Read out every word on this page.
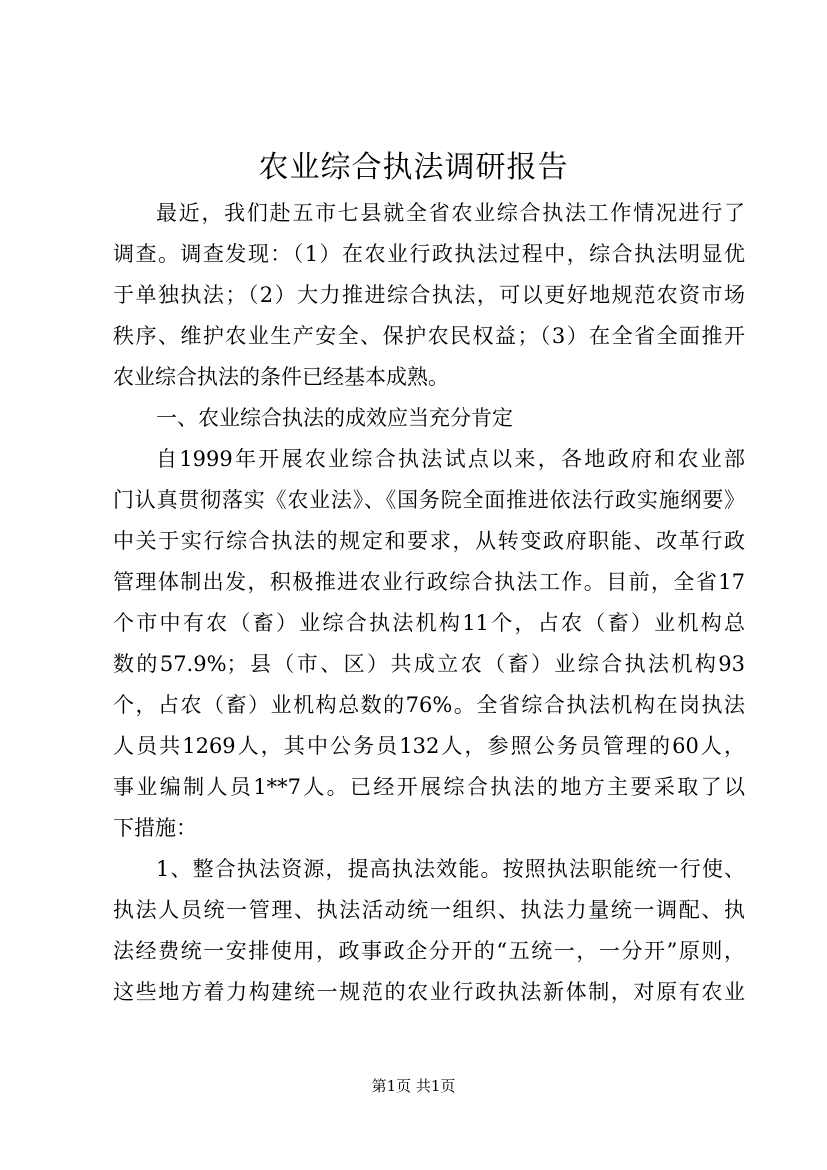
农业综合执法调研报告
最近，我们赴五市七县就全省农业综合执法工作情况进行了
调查。调查发现：（1）在农业行政执法过程中，综合执法明显优
于单独执法；（2）大力推进综合执法，可以更好地规范农资市场
秩序、维护农业生产安全、保护农民权益；（3）在全省全面推开
农业综合执法的条件已经基本成熟。
一、农业综合执法的成效应当充分肯定
自1999年开展农业综合执法试点以来，各地政府和农业部
门认真贯彻落实《农业法》、《国务院全面推进依法行政实施纲要》
中关于实行综合执法的规定和要求，从转变政府职能、改革行政
管理体制出发，积极推进农业行政综合执法工作。目前，全省17
个市中有农（畜）业综合执法机构11个，占农（畜）业机构总
数的57.9%；县（市、区）共成立农（畜）业综合执法机构93
个，占农（畜）业机构总数的76%。全省综合执法机构在岗执法
人员共1269人，其中公务员132人，参照公务员管理的60人，
事业编制人员1**7人。已经开展综合执法的地方主要采取了以
下措施：
1、整合执法资源，提高执法效能。按照执法职能统一行使、
执法人员统一管理、执法活动统一组织、执法力量统一调配、执
法经费统一安排使用，政事政企分开的“五统一，一分开”原则，
这些地方着力构建统一规范的农业行政执法新体制，对原有农业
第1页 共1页
